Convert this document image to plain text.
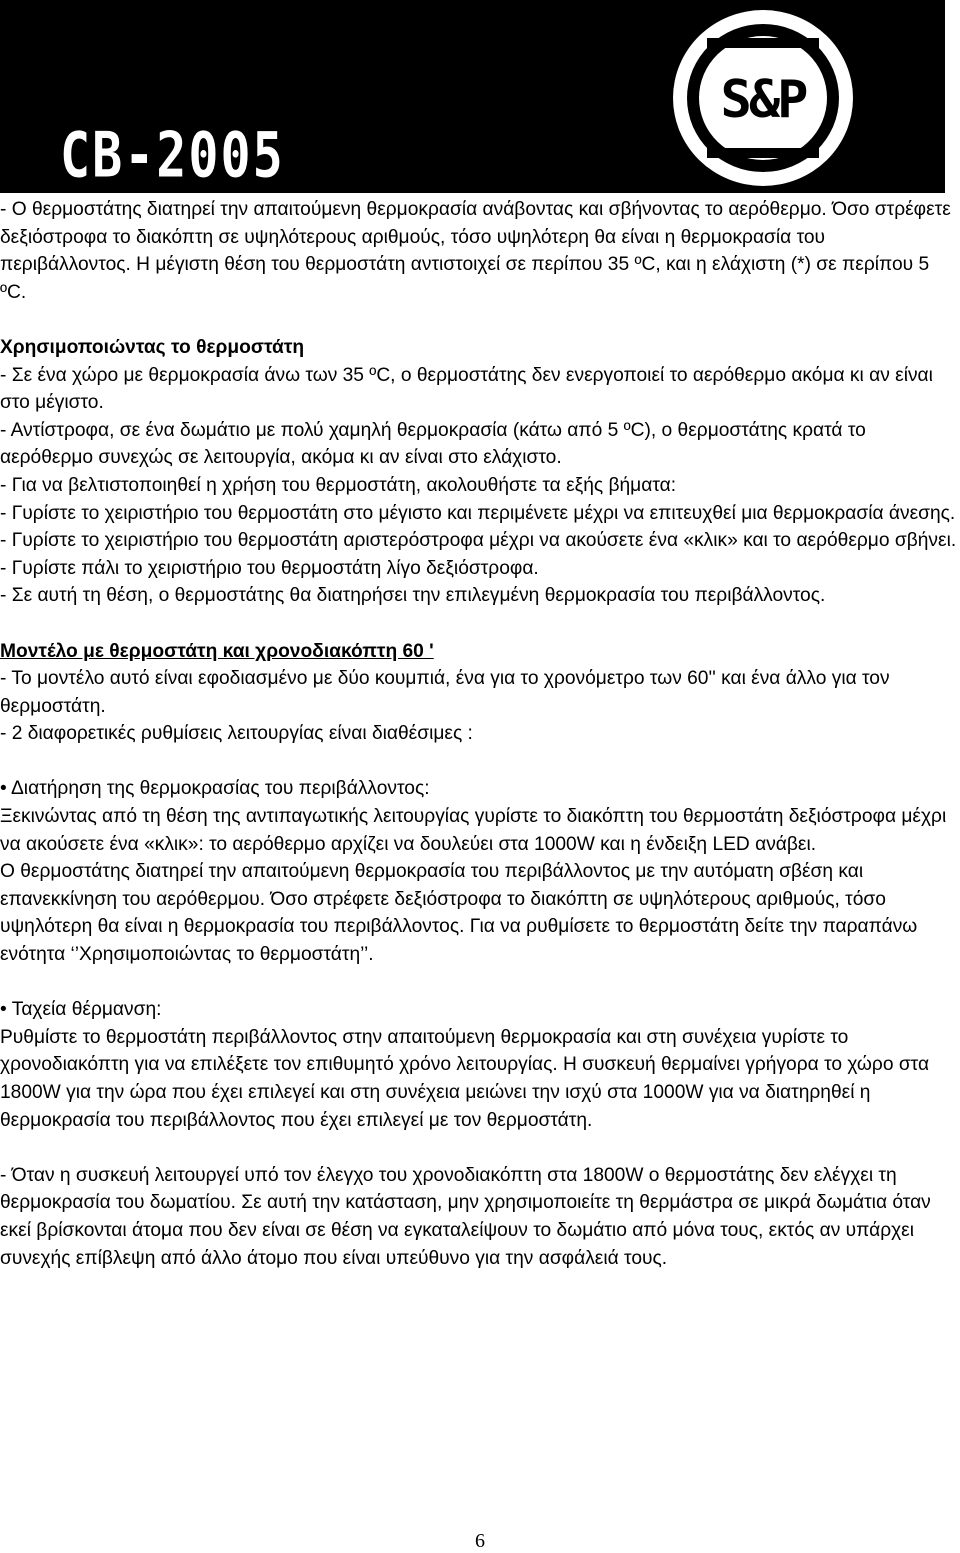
CB-2005
S&P

- Ο θερμοστάτης διατηρεί την απαιτούμενη θερμοκρασία ανάβοντας και σβήνοντας το αερόθερμο. Όσο στρέφετε δεξιόστροφα το διακόπτη σε υψηλότερους αριθμούς, τόσο υψηλότερη θα είναι η θερμοκρασία του περιβάλλοντος. Η μέγιστη θέση του θερμοστάτη αντιστοιχεί σε περίπου 35 ºC, και η ελάχιστη (*) σε περίπου 5 ºC.

Χρησιμοποιώντας το θερμοστάτη

- Σε ένα χώρο με θερμοκρασία άνω των 35 ºC, ο θερμοστάτης δεν ενεργοποιεί το αερόθερμο ακόμα κι αν είναι στο μέγιστο.

- Αντίστροφα, σε ένα δωμάτιο με πολύ χαμηλή θερμοκρασία (κάτω από 5 ºC), ο θερμοστάτης κρατά το αερόθερμο συνεχώς σε λειτουργία, ακόμα κι αν είναι στο ελάχιστο.

- Για να βελτιστοποιηθεί η χρήση του θερμοστάτη, ακολουθήστε τα εξής βήματα:

- Γυρίστε το χειριστήριο του θερμοστάτη στο μέγιστο και περιμένετε μέχρι να επιτευχθεί μια θερμοκρασία άνεσης.

- Γυρίστε το χειριστήριο του θερμοστάτη αριστερόστροφα μέχρι να ακούσετε ένα «κλικ» και το αερόθερμο σβήνει.

- Γυρίστε πάλι το χειριστήριο του θερμοστάτη λίγο δεξιόστροφα.

- Σε αυτή τη θέση, ο θερμοστάτης θα διατηρήσει την επιλεγμένη θερμοκρασία του περιβάλλοντος.

Μοντέλο με θερμοστάτη και χρονοδιακόπτη 60 '

- Το μοντέλο αυτό είναι εφοδιασμένο με δύο κουμπιά, ένα για το χρονόμετρο των 60'' και ένα άλλο για τον θερμοστάτη.

- 2 διαφορετικές ρυθμίσεις λειτουργίας είναι διαθέσιμες :

• Διατήρηση της θερμοκρασίας του περιβάλλοντος:

Ξεκινώντας από τη θέση της αντιπαγωτικής λειτουργίας γυρίστε το διακόπτη του θερμοστάτη δεξιόστροφα μέχρι να ακούσετε ένα «κλικ»: το αερόθερμο αρχίζει να δουλεύει στα 1000W και η ένδειξη LED ανάβει.

Ο θερμοστάτης διατηρεί την απαιτούμενη θερμοκρασία του περιβάλλοντος με την αυτόματη σβέση και επανεκκίνηση του αερόθερμου. Όσο στρέφετε δεξιόστροφα το διακόπτη σε υψηλότερους αριθμούς, τόσο υψηλότερη θα είναι η θερμοκρασία του περιβάλλοντος. Για να ρυθμίσετε το θερμοστάτη δείτε την παραπάνω ενότητα ‘’Χρησιμοποιώντας το θερμοστάτη’’.

• Ταχεία θέρμανση:

Ρυθμίστε το θερμοστάτη περιβάλλοντος στην απαιτούμενη θερμοκρασία και στη συνέχεια γυρίστε το χρονοδιακόπτη για να επιλέξετε τον επιθυμητό χρόνο λειτουργίας. Η συσκευή θερμαίνει γρήγορα το χώρο στα 1800W για την ώρα που έχει επιλεγεί και στη συνέχεια μειώνει την ισχύ στα 1000W για να διατηρηθεί η θερμοκρασία του περιβάλλοντος που έχει επιλεγεί με τον θερμοστάτη.

- Όταν η συσκευή λειτουργεί υπό τον έλεγχο του χρονοδιακόπτη στα 1800W ο θερμοστάτης δεν ελέγχει τη θερμοκρασία του δωματίου. Σε αυτή την κατάσταση, μην χρησιμοποιείτε τη θερμάστρα σε μικρά δωμάτια όταν εκεί βρίσκονται άτομα που δεν είναι σε θέση να εγκαταλείψουν το δωμάτιο από μόνα τους, εκτός αν υπάρχει συνεχής επίβλεψη από άλλο άτομο που είναι υπεύθυνο για την ασφάλειά τους.

6
